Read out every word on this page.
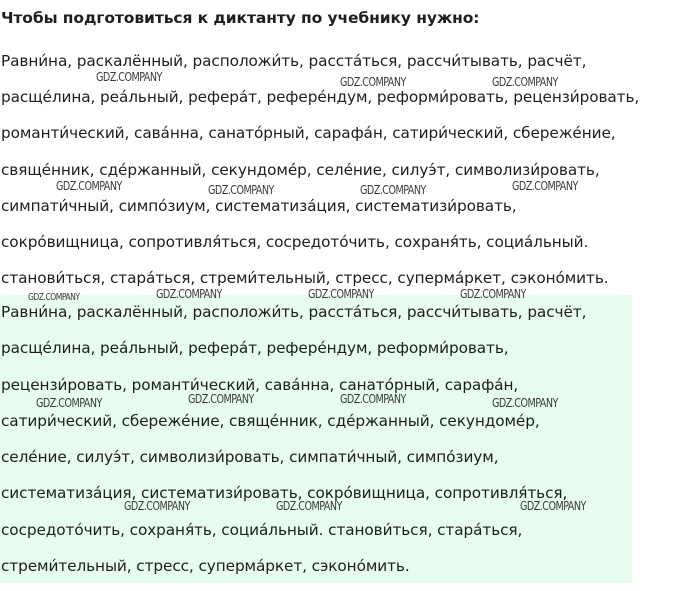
Чтобы подготовиться к диктанту по учебнику нужно:
Равни́на, раскалённый, расположи́ть, расста́ться, рассчи́тывать, расчёт,
расще́лина, реа́льный, рефера́т, рефере́ндум, реформи́ровать, рецензи́ровать,
романти́ческий, сава́нна, санато́рный, сарафа́н, сатири́ческий, сбереже́ние,
свяще́нник, сде́ржанный, секундоме́р, селе́ние, силуэ́т, символизи́ровать,
симпати́чный, симпо́зиум, систематиза́ция, систематизи́ровать,
сокро́вищница, сопротивля́ться, сосредото́чить, сохраня́ть, социа́льный.
станови́ться, стара́ться, стреми́тельный, стресс, суперма́ркет, сэконо́мить.
Равни́на, раскалённый, расположи́ть, расста́ться, рассчи́тывать, расчёт,
расще́лина, реа́льный, рефера́т, рефере́ндум, реформи́ровать,
рецензи́ровать, романти́ческий, сава́нна, санато́рный, сарафа́н,
сатири́ческий, сбереже́ние, свяще́нник, сде́ржанный, секундоме́р,
селе́ние, силуэ́т, символизи́ровать, симпати́чный, симпо́зиум,
систематиза́ция, систематизи́ровать, сокро́вищница, сопротивля́ться,
сосредото́чить, сохраня́ть, социа́льный. станови́ться, стара́ться,
стреми́тельный, стресс, суперма́ркет, сэконо́мить.
GDZ.COMPANY	GDZ.COMPANY	GDZ.COMPANY
GDZ.COMPANY	GDZ.COMPANY	GDZ.COMPANY	GDZ.COMPANY
GDZ.COMPANY	GDZ.COMPANY	GDZ.COMPANY	GDZ.COMPANY
GDZ.COMPANY	GDZ.COMPANY	GDZ.COMPANY	GDZ.COMPANY
GDZ.COMPANY	GDZ.COMPANY	GDZ.COMPANY
